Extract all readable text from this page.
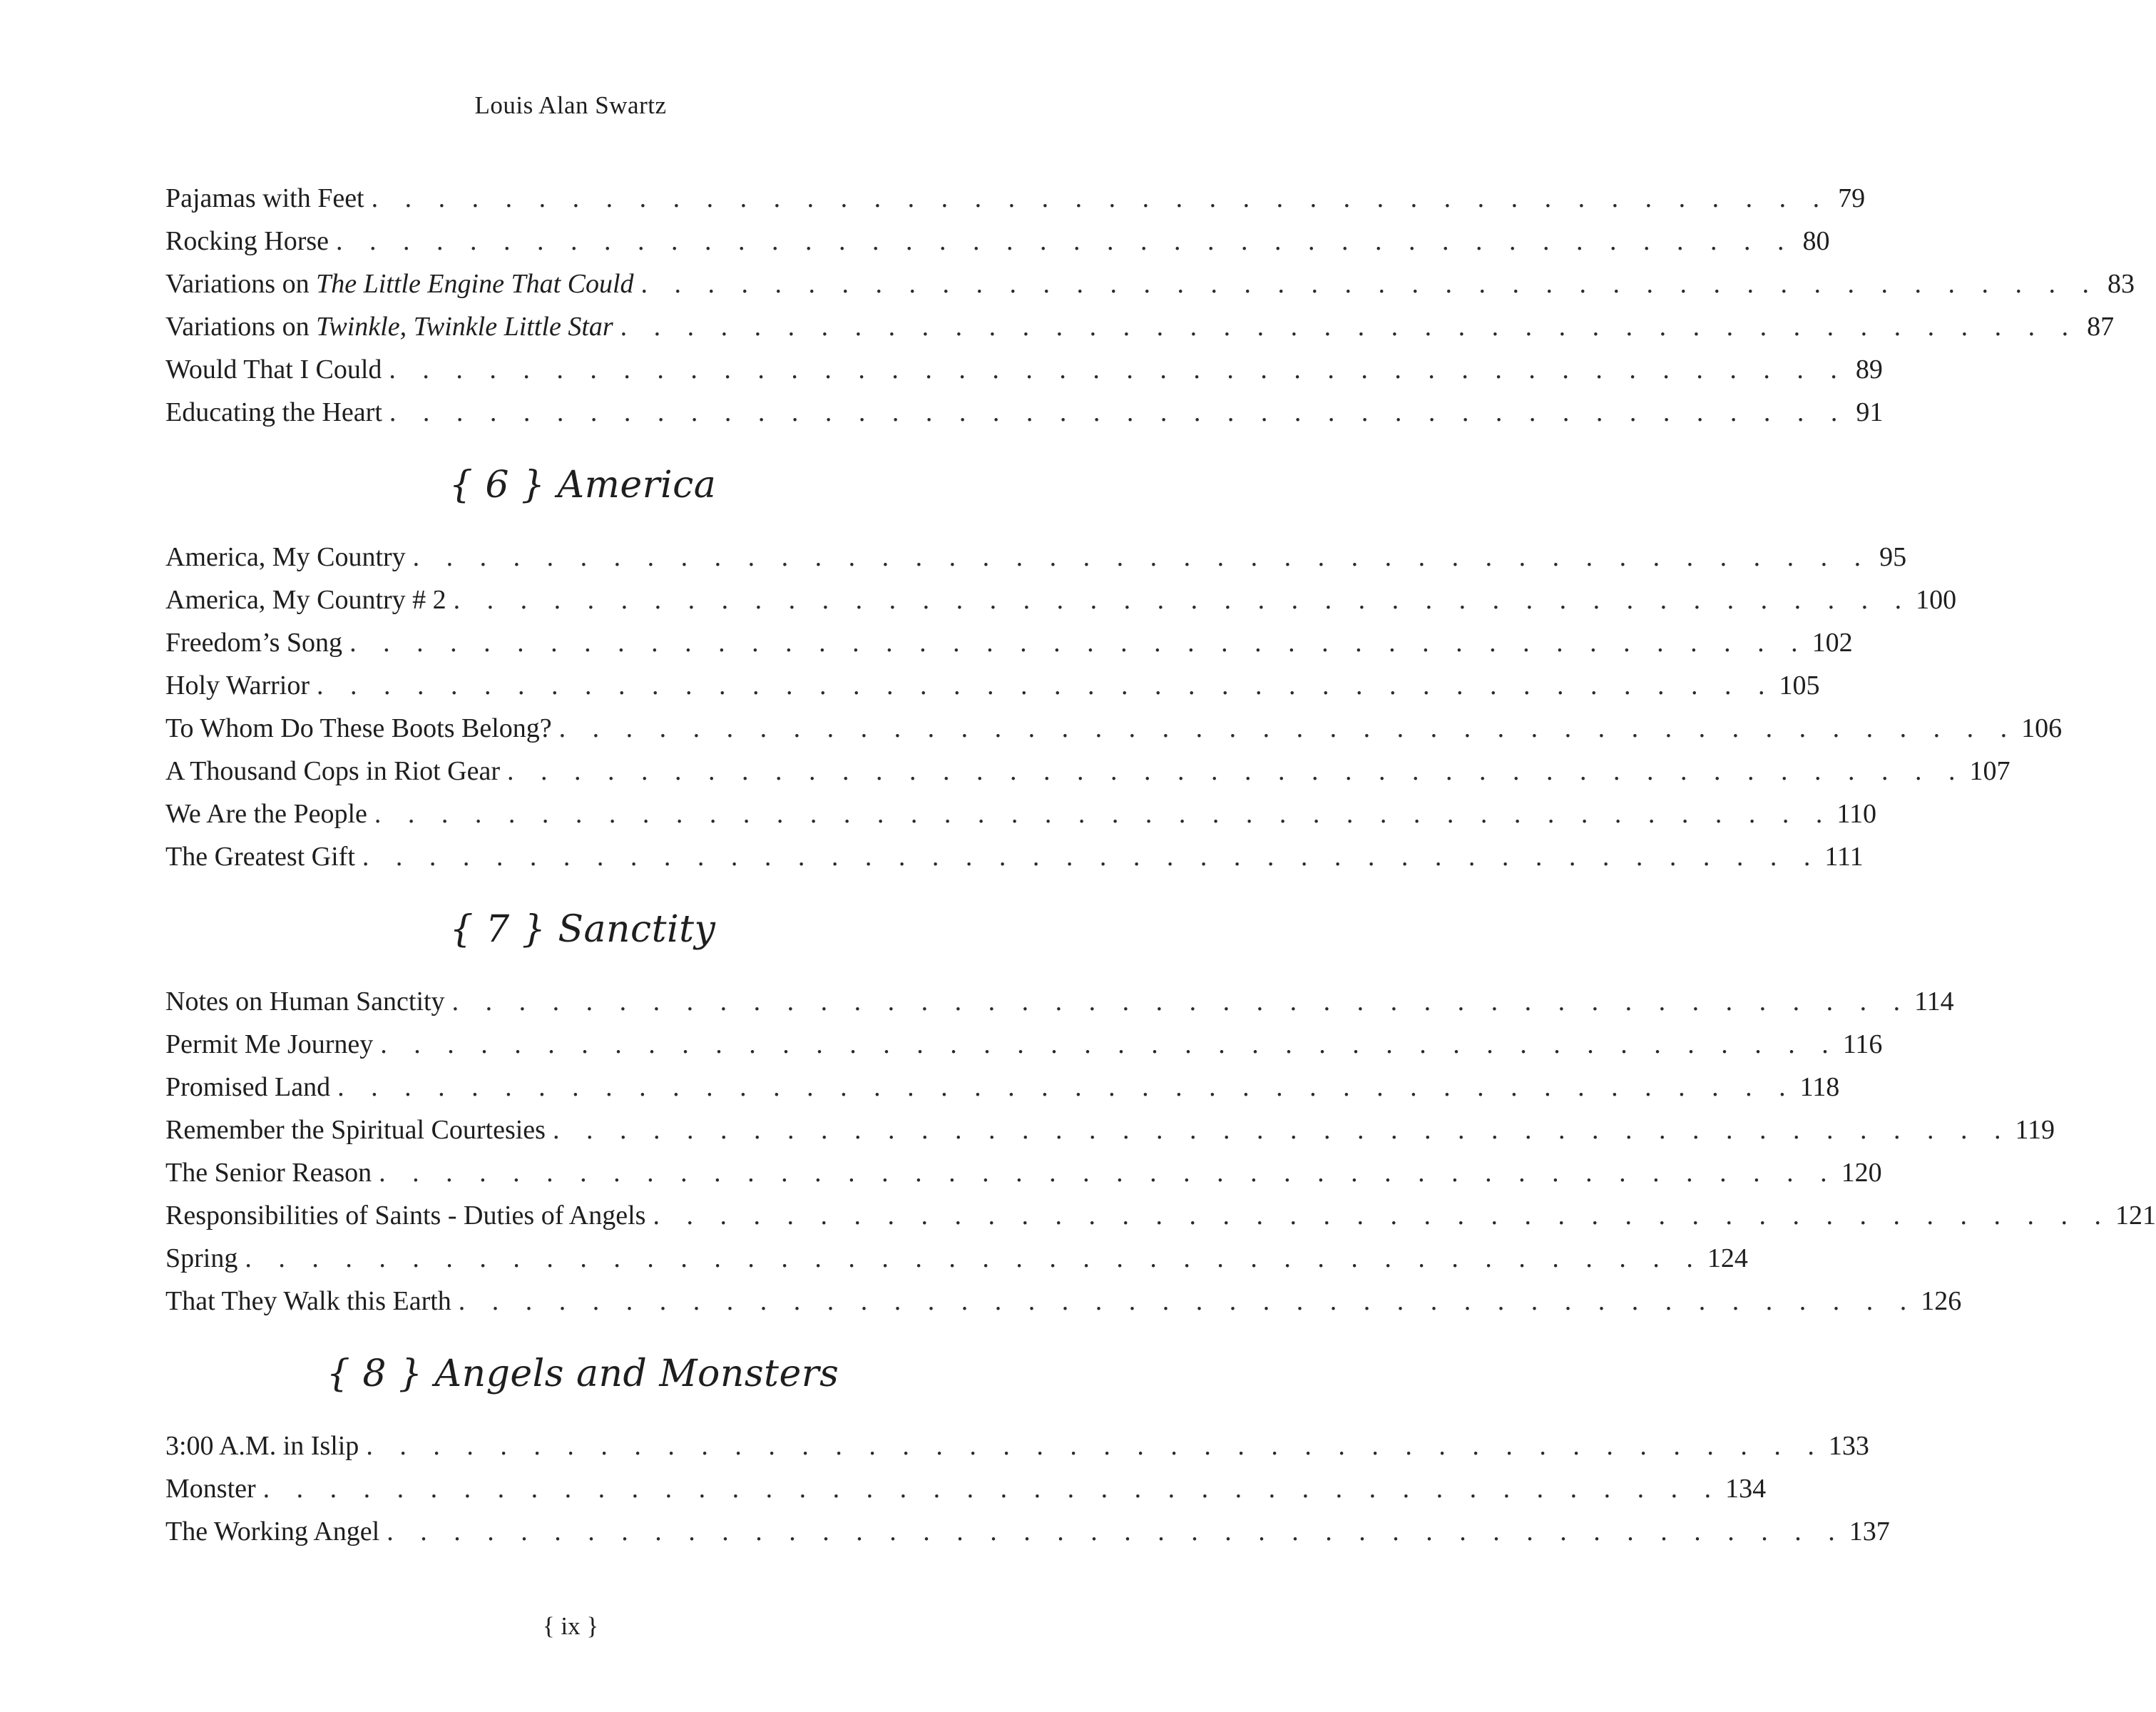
Louis Alan Swartz
Pajamas with Feet . . . . . . . . . . . . . . . . . . . . . . . . . . . . . . . . . . . . . . . . . . . . 79
Rocking Horse . . . . . . . . . . . . . . . . . . . . . . . . . . . . . . . . . . . . . . . . . . . . 80
Variations on The Little Engine That Could . . . . . . . . . . . . . . . . . . . . . . . . . . . . . . . . . . . . . . . . . . . . 83
Variations on Twinkle, Twinkle Little Star . . . . . . . . . . . . . . . . . . . . . . . . . . . . . . . . . . . . . . . . . . . . 87
Would That I Could . . . . . . . . . . . . . . . . . . . . . . . . . . . . . . . . . . . . . . . . . . . . 89
Educating the Heart . . . . . . . . . . . . . . . . . . . . . . . . . . . . . . . . . . . . . . . . . . . . 91
{ 6 } America
America, My Country . . . . . . . . . . . . . . . . . . . . . . . . . . . . . . . . . . . . . . . . . . . . 95
America, My Country # 2 . . . . . . . . . . . . . . . . . . . . . . . . . . . . . . . . . . . . . . . . . . . . 100
Freedom’s Song . . . . . . . . . . . . . . . . . . . . . . . . . . . . . . . . . . . . . . . . . . . . 102
Holy Warrior . . . . . . . . . . . . . . . . . . . . . . . . . . . . . . . . . . . . . . . . . . . . 105
To Whom Do These Boots Belong? . . . . . . . . . . . . . . . . . . . . . . . . . . . . . . . . . . . . . . . . . . . . 106
A Thousand Cops in Riot Gear . . . . . . . . . . . . . . . . . . . . . . . . . . . . . . . . . . . . . . . . . . . . 107
We Are the People . . . . . . . . . . . . . . . . . . . . . . . . . . . . . . . . . . . . . . . . . . . . 110
The Greatest Gift . . . . . . . . . . . . . . . . . . . . . . . . . . . . . . . . . . . . . . . . . . . . 111
{ 7 } Sanctity
Notes on Human Sanctity . . . . . . . . . . . . . . . . . . . . . . . . . . . . . . . . . . . . . . . . . . . . 114
Permit Me Journey . . . . . . . . . . . . . . . . . . . . . . . . . . . . . . . . . . . . . . . . . . . . 116
Promised Land . . . . . . . . . . . . . . . . . . . . . . . . . . . . . . . . . . . . . . . . . . . . 118
Remember the Spiritual Courtesies . . . . . . . . . . . . . . . . . . . . . . . . . . . . . . . . . . . . . . . . . . . . 119
The Senior Reason . . . . . . . . . . . . . . . . . . . . . . . . . . . . . . . . . . . . . . . . . . . . 120
Responsibilities of Saints - Duties of Angels . . . . . . . . . . . . . . . . . . . . . . . . . . . . . . . . . . . . . . . . . . . . 121
Spring . . . . . . . . . . . . . . . . . . . . . . . . . . . . . . . . . . . . . . . . . . . . 124
That They Walk this Earth . . . . . . . . . . . . . . . . . . . . . . . . . . . . . . . . . . . . . . . . . . . . 126
{ 8 } Angels and Monsters
3:00 A.M. in Islip . . . . . . . . . . . . . . . . . . . . . . . . . . . . . . . . . . . . . . . . . . . . 133
Monster . . . . . . . . . . . . . . . . . . . . . . . . . . . . . . . . . . . . . . . . . . . . 134
The Working Angel . . . . . . . . . . . . . . . . . . . . . . . . . . . . . . . . . . . . . . . . . . . . 137
{ ix }
